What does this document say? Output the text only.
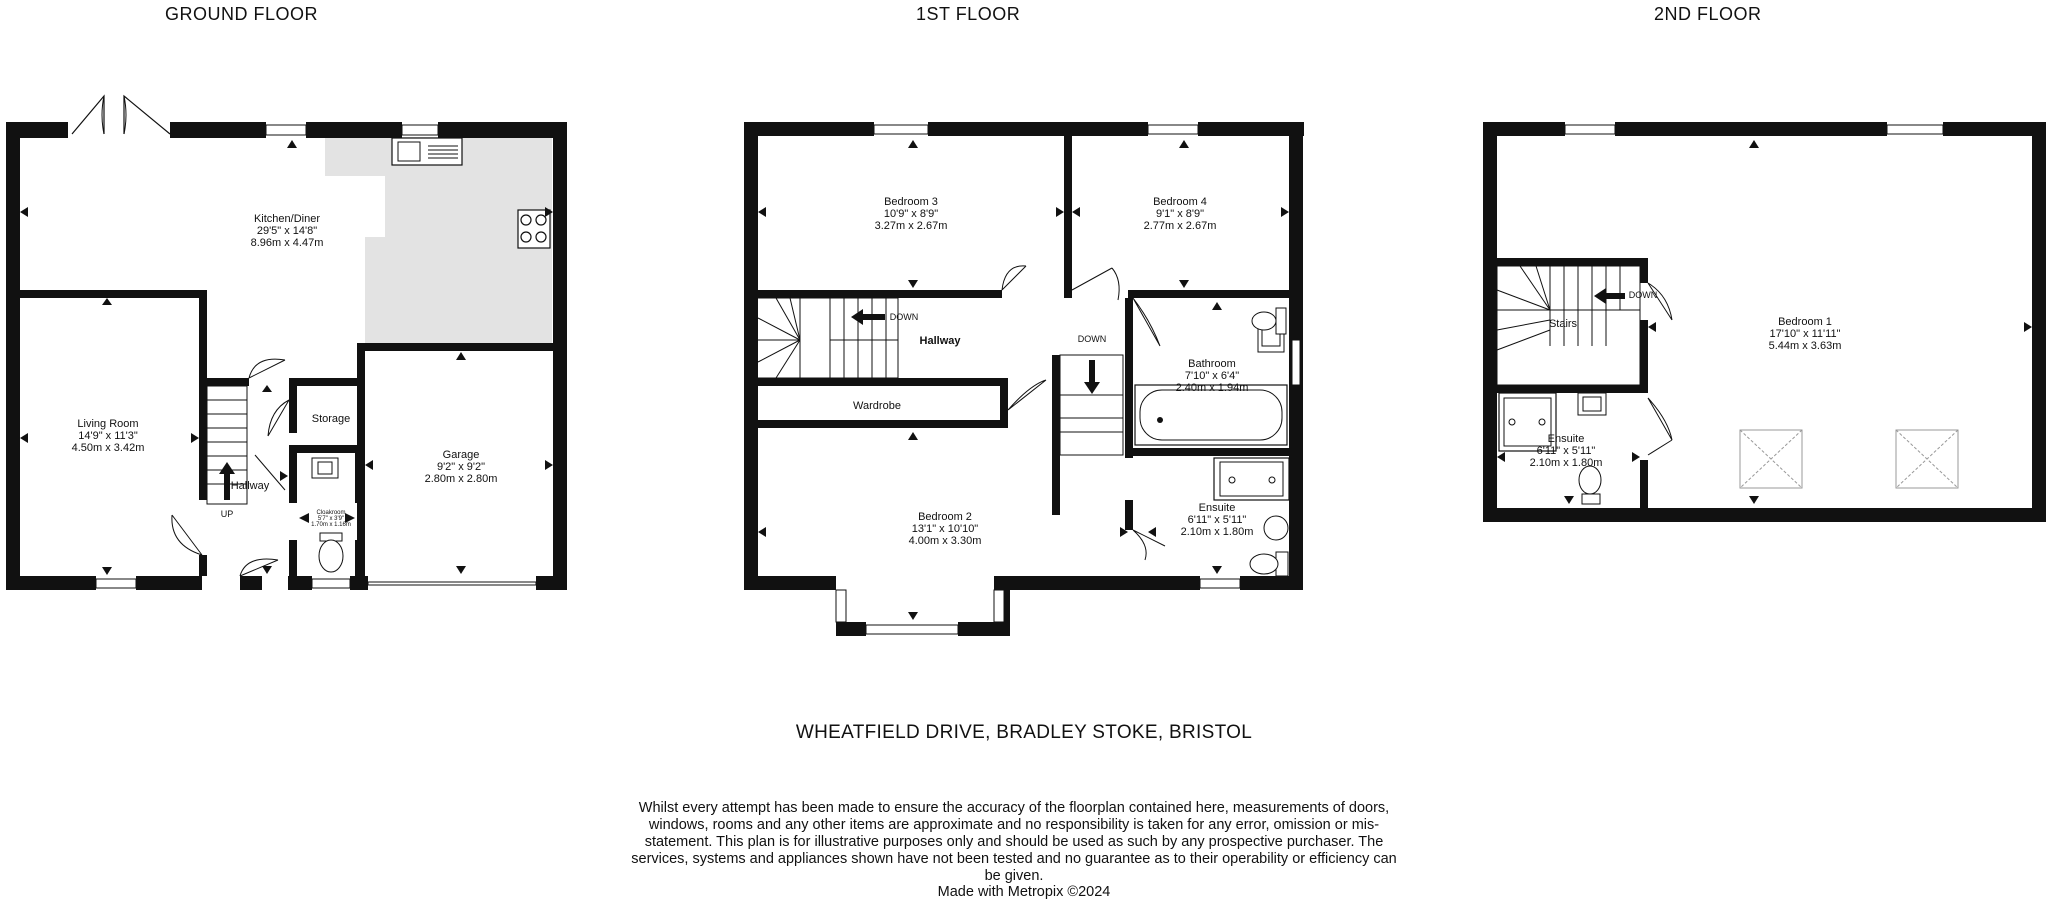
GROUND FLOOR	1ST FLOOR	2ND FLOOR
Kitchen/Diner
29'5" x 14'8"
8.96m x 4.47m
Living Room
14'9" x 11'3"
4.50m x 3.42m
Garage
9'2" x 9'2"
2.80m x 2.80m
Storage
Hallway
Cloakroom
5'7" x 3'9"
1.70m x 1.16m
UP
Bedroom 3
10'9" x 8'9"
3.27m x 2.67m
Bedroom 4
9'1" x 8'9"
2.77m x 2.67m
Hallway
Bathroom
7'10" x 6'4"
2.40m x 1.94m
Wardrobe
Bedroom 2
13'1" x 10'10"
4.00m x 3.30m
Ensuite
6'11" x 5'11"
2.10m x 1.80m
DOWN
DOWN
Bedroom 1
17'10" x 11'11"
5.44m x 3.63m
Stairs
Ensuite
6'11" x 5'11"
2.10m x 1.80m
DOWN
WHEATFIELD DRIVE, BRADLEY STOKE, BRISTOL
Whilst every attempt has been made to ensure the accuracy of the floorplan contained here, measurements of doors, windows, rooms and any other items are approximate and no responsibility is taken for any error, omission or mis-statement. This plan is for illustrative purposes only and should be used as such by any prospective purchaser. The services, systems and appliances shown have not been tested and no guarantee as to their operability or efficiency can be given.
Made with Metropix ©2024
